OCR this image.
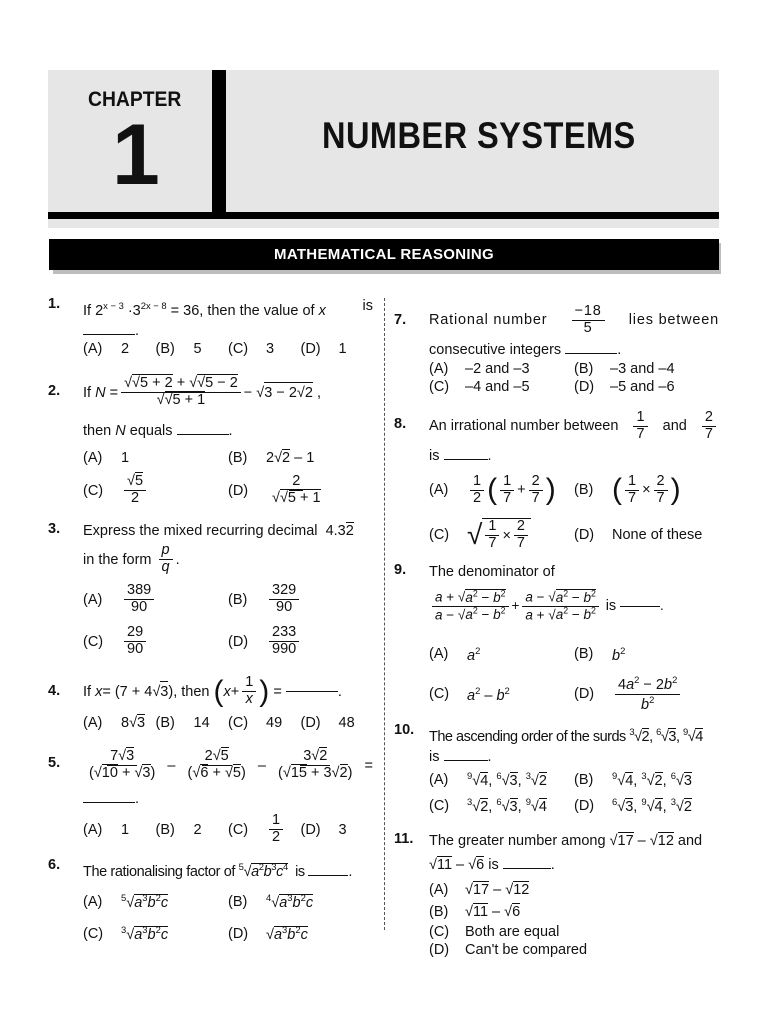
CHAPTER
1	NUMBER SYSTEMS
MATHEMATICAL REASONING
1. If $2^{x - 3} \cdot 3^{2x - 8} = 36$, then the value of x	is
.
(A)	2 (B)	5 (C)	3 (D)	1
2. If
$N = \frac{√√5 + 2 + √√5 - 2}{√√5 + 1}$ − √ 3 − 2√2 ,
then N equals	.
(A)	1	(B)	2√2 – 1
(C)	$\frac{√5}{2}$	(D)	$\frac{2}{√√5 + 1}$
3. Express the mixed recurring decimal 4.32
in the form
$\frac{p}{q}$ .
(A)	$\frac{389}{90}$	(B)	$\frac{329}{90}$
(C)	$\frac{29}{90}$	(D)	$\frac{233}{990}$
4. If
x = (7 + 4√ 3 ), then ( $x + \frac{1}{x}$ ) =	.
(A)	8√3 (B)	14 (C)	49 (D)	48
5. $\frac{7√3}{(√10 + √3)} - \frac{2√5}{(√6 + √5)} - \frac{3√2}{(√15 + 3√2)}$ =
.
(A)	1 (B)	2 (C)	$\frac{1}{2} (D)$	3
6. The rationalising factor of $^5√a^2b^3c^4$ is	.
(A)	$^5√a^3b^2c$	(B)	$^4√a^3b^2c$
(C)	$^3√a^3b^2c$	(D)	$√a^3b^2c$
7. Rational number $\frac{-18}{5}$ lies between
consecutive integers	.
(A)	–2 and –3	(B)	–3 and –4
(C)	–4 and –5	(D)	–5 and –6
8. An irrational number between $\frac{1}{7}$ and $\frac{2}{7}$
is	.
(A)	$\frac{1}{2}$ ( $\frac{1}{7} + \frac{2}{7}$ ) (B) ( $\frac{1}{7} \times \frac{2}{7}$ )
(C) √ $\frac{1}{7} \times \frac{2}{7}$	(D)	None of these
9. The denominator of
$\frac{a + √a^2 - b^2}{a - √a^2 - b^2} + \frac{a - √a^2 - b^2}{a + √a^2 - b^2}$
is
	.
(A)	$a^2$	(B)	$b^2$
(C)	$a^2 - b^2$	(D)	$\frac{4a^2 - 2b^2}{b^2}$
10. The ascending order of the surds $^3$√2, $^6$√3, $^9$√4
is	.
(A)	$^9$√4, $^6$√3, $^3$√2 (B)	$^9$√4, $^3$√2, $^6$√3
(C)	$^3$√2, $^6$√3, $^9$√4 (D)	$^6$√3, $^9$√4, $^3$√2
11. The greater number among √17 – √12 and
√11 – √6 is	.
(A)	√17 – √12
(B)	√11 – √6
(C)	Both are equal
(D)	Can't be compared
